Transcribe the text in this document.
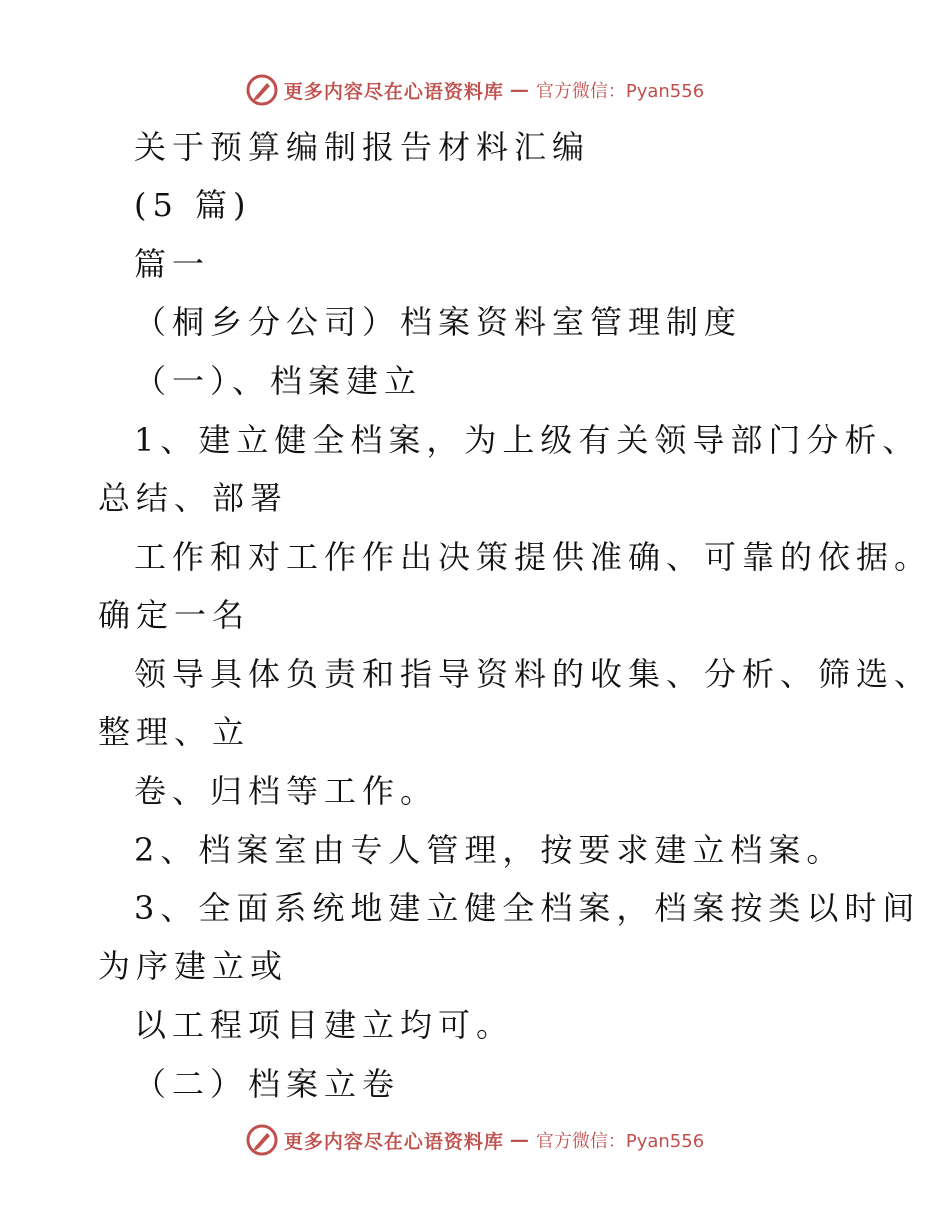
更多内容尽在心语资料库 — 官方微信：Pyan556
关于预算编制报告材料汇编
(5 篇)
篇一
（桐乡分公司）档案资料室管理制度
（一）、档案建立
1、建立健全档案，为上级有关领导部门分析、
总结、部署
工作和对工作作出决策提供准确、可靠的依据。
确定一名
领导具体负责和指导资料的收集、分析、筛选、
整理、立
卷、归档等工作。
2、档案室由专人管理，按要求建立档案。
3、全面系统地建立健全档案，档案按类以时间
为序建立或
以工程项目建立均可。
（二）档案立卷
更多内容尽在心语资料库 — 官方微信：Pyan556
